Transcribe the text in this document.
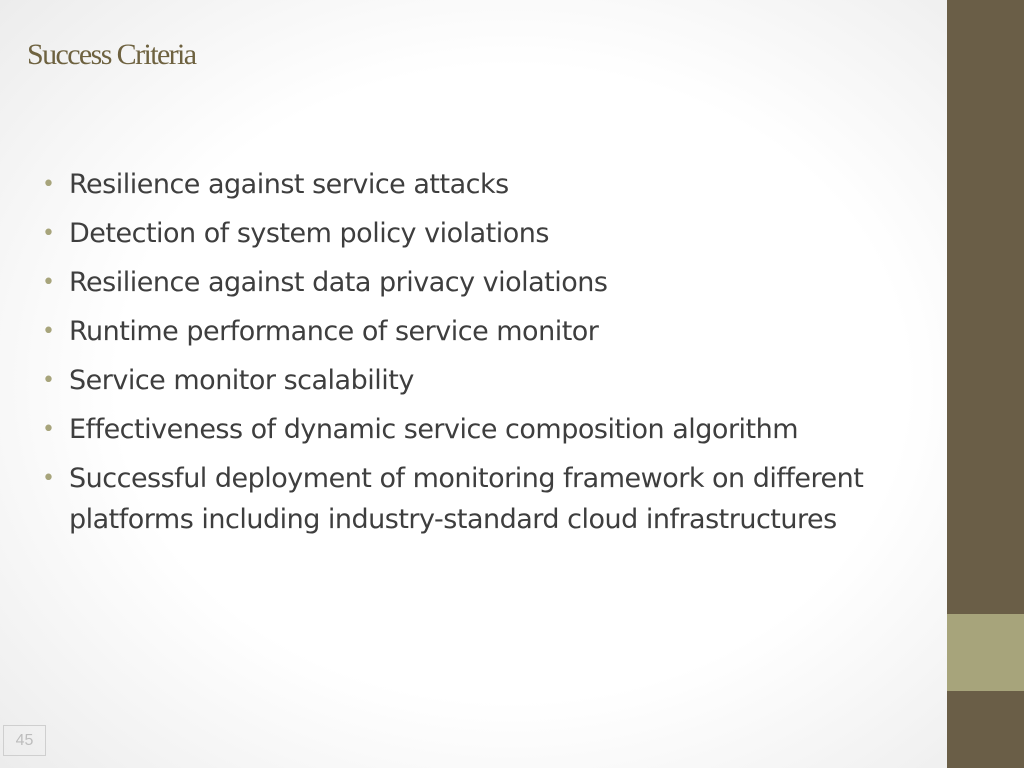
Success Criteria
• Resilience against service attacks
• Detection of system policy violations
• Resilience against data privacy violations
• Runtime performance of service monitor
• Service monitor scalability
• Effectiveness of dynamic service composition algorithm
• Successful deployment of monitoring framework on different platforms including industry-standard cloud infrastructures
45
